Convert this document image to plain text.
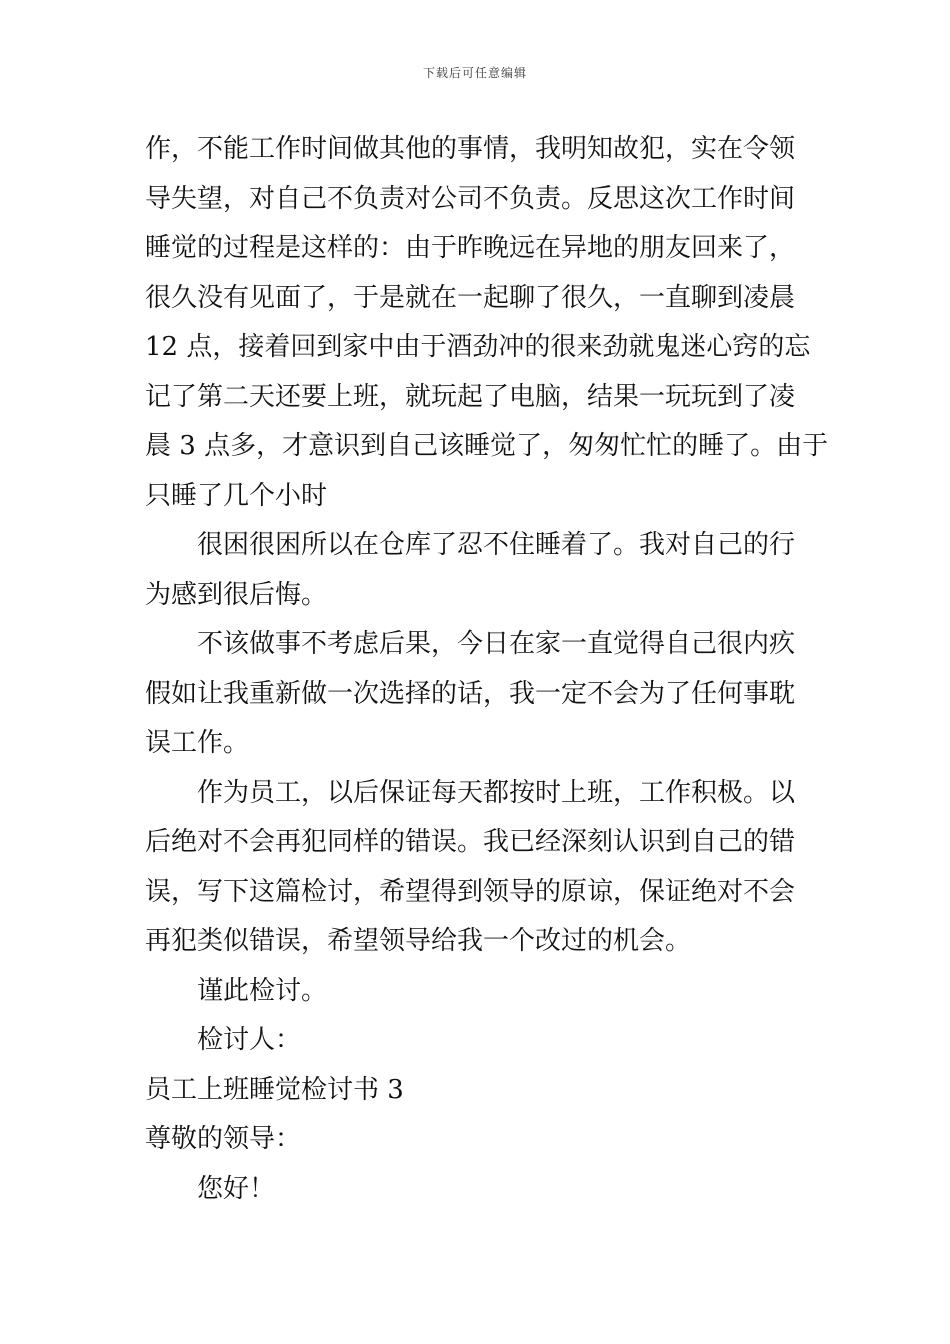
下载后可任意编辑

作，不能工作时间做其他的事情，我明知故犯，实在令领
导失望，对自己不负责对公司不负责。反思这次工作时间
睡觉的过程是这样的：由于昨晚远在异地的朋友回来了，
很久没有见面了，于是就在一起聊了很久，一直聊到凌晨
12 点，接着回到家中由于酒劲冲的很来劲就鬼迷心窍的忘
记了第二天还要上班，就玩起了电脑，结果一玩玩到了凌
晨 3 点多，才意识到自己该睡觉了，匆匆忙忙的睡了。由于
只睡了几个小时

很困很困所以在仓库了忍不住睡着了。我对自己的行
为感到很后悔。

不该做事不考虑后果，今日在家一直觉得自己很内疚
假如让我重新做一次选择的话，我一定不会为了任何事耽
误工作。

作为员工，以后保证每天都按时上班，工作积极。以
后绝对不会再犯同样的错误。我已经深刻认识到自己的错
误，写下这篇检讨，希望得到领导的原谅，保证绝对不会
再犯类似错误，希望领导给我一个改过的机会。

谨此检讨。

检讨人：

员工上班睡觉检讨书 3

尊敬的领导：

您好！
